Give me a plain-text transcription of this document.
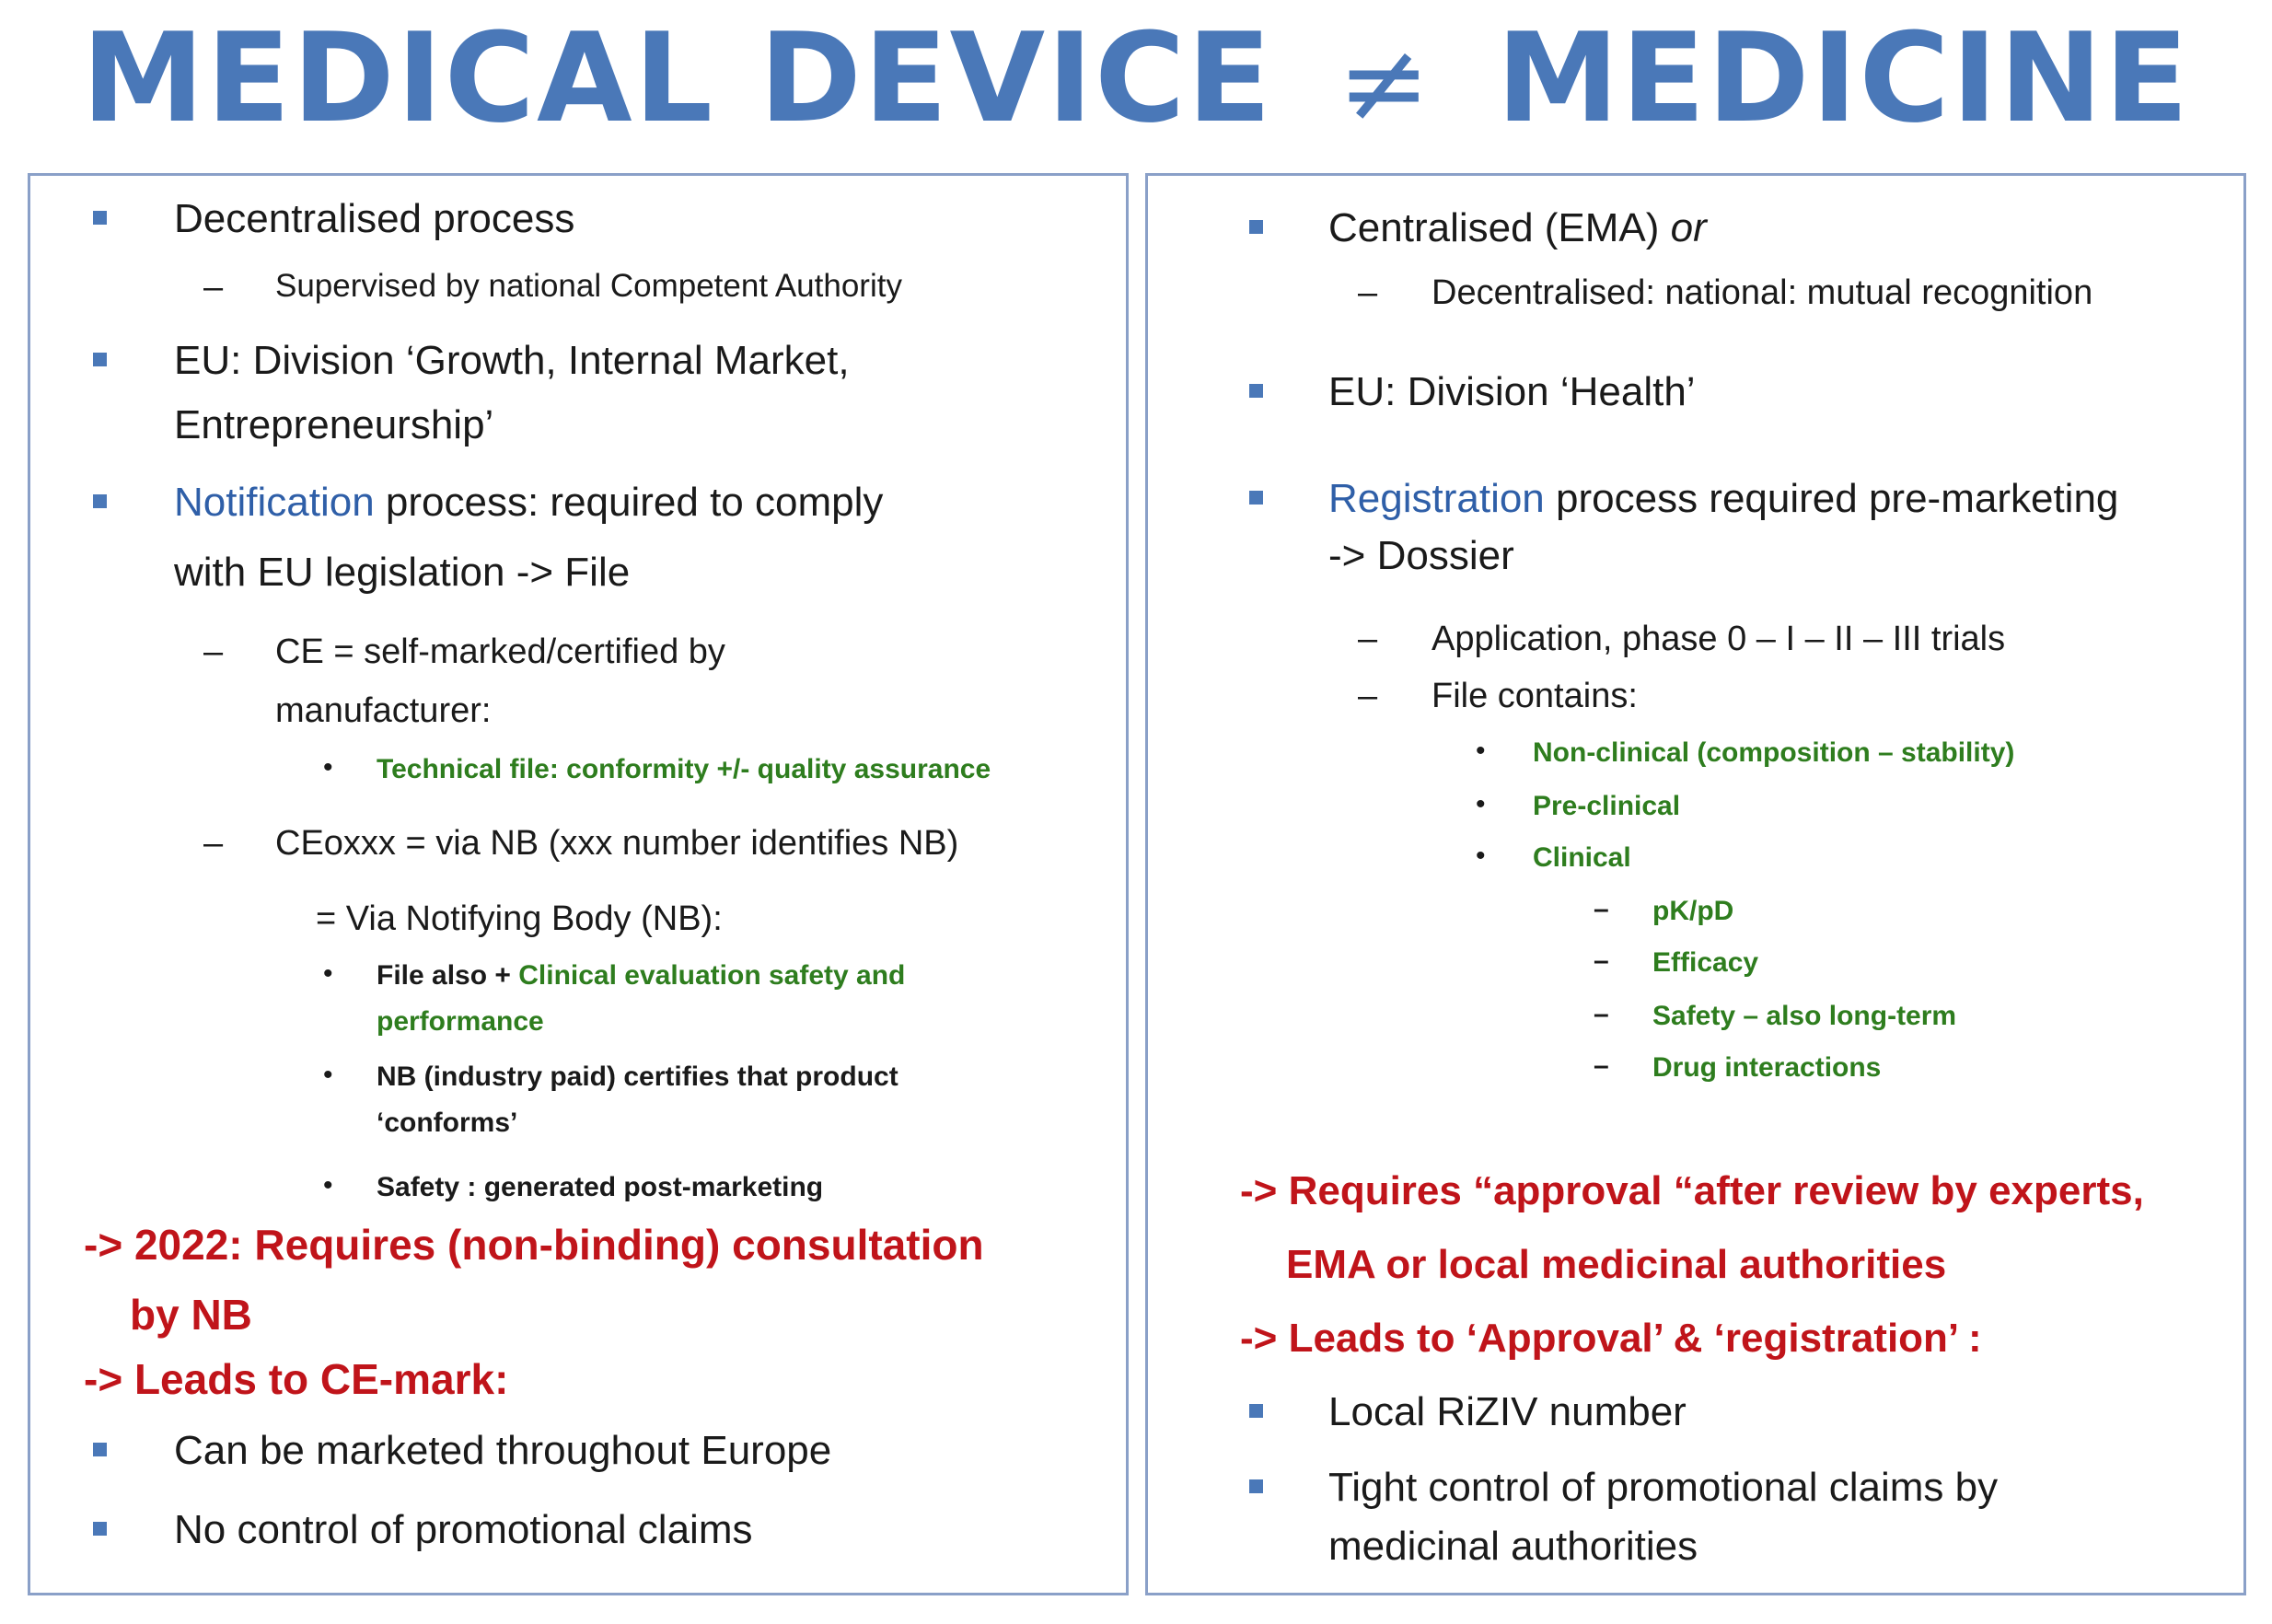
MEDICAL DEVICE ≠ MEDICINE
Decentralised process
– Supervised by national Competent Authority
EU: Division ‘Growth, Internal Market,
Entrepreneurship’
Notification process: required to comply
with EU legislation -> File
– CE = self-marked/certified by
manufacturer:
• Technical file: conformity +/- quality assurance
– CEoxxx = via NB (xxx number identifies NB)
= Via Notifying Body (NB):
• File also + Clinical evaluation safety and
performance
• NB (industry paid) certifies that product
‘conforms’
• Safety : generated post-marketing
-> 2022: Requires (non-binding) consultation
by NB
-> Leads to CE-mark:
Can be marketed throughout Europe
No control of promotional claims
Centralised (EMA) or
– Decentralised: national: mutual recognition
EU: Division ‘Health’
Registration process required pre-marketing
-> Dossier
– Application, phase 0 – I – II – III trials
– File contains:
• Non-clinical (composition – stability)
• Pre-clinical
• Clinical
– pK/pD
– Efficacy
– Safety – also long-term
– Drug interactions
-> Requires “approval “after review by experts,
EMA or local medicinal authorities
-> Leads to ‘Approval’ & ‘registration’ :
Local RiZIV number
Tight control of promotional claims by
medicinal authorities
